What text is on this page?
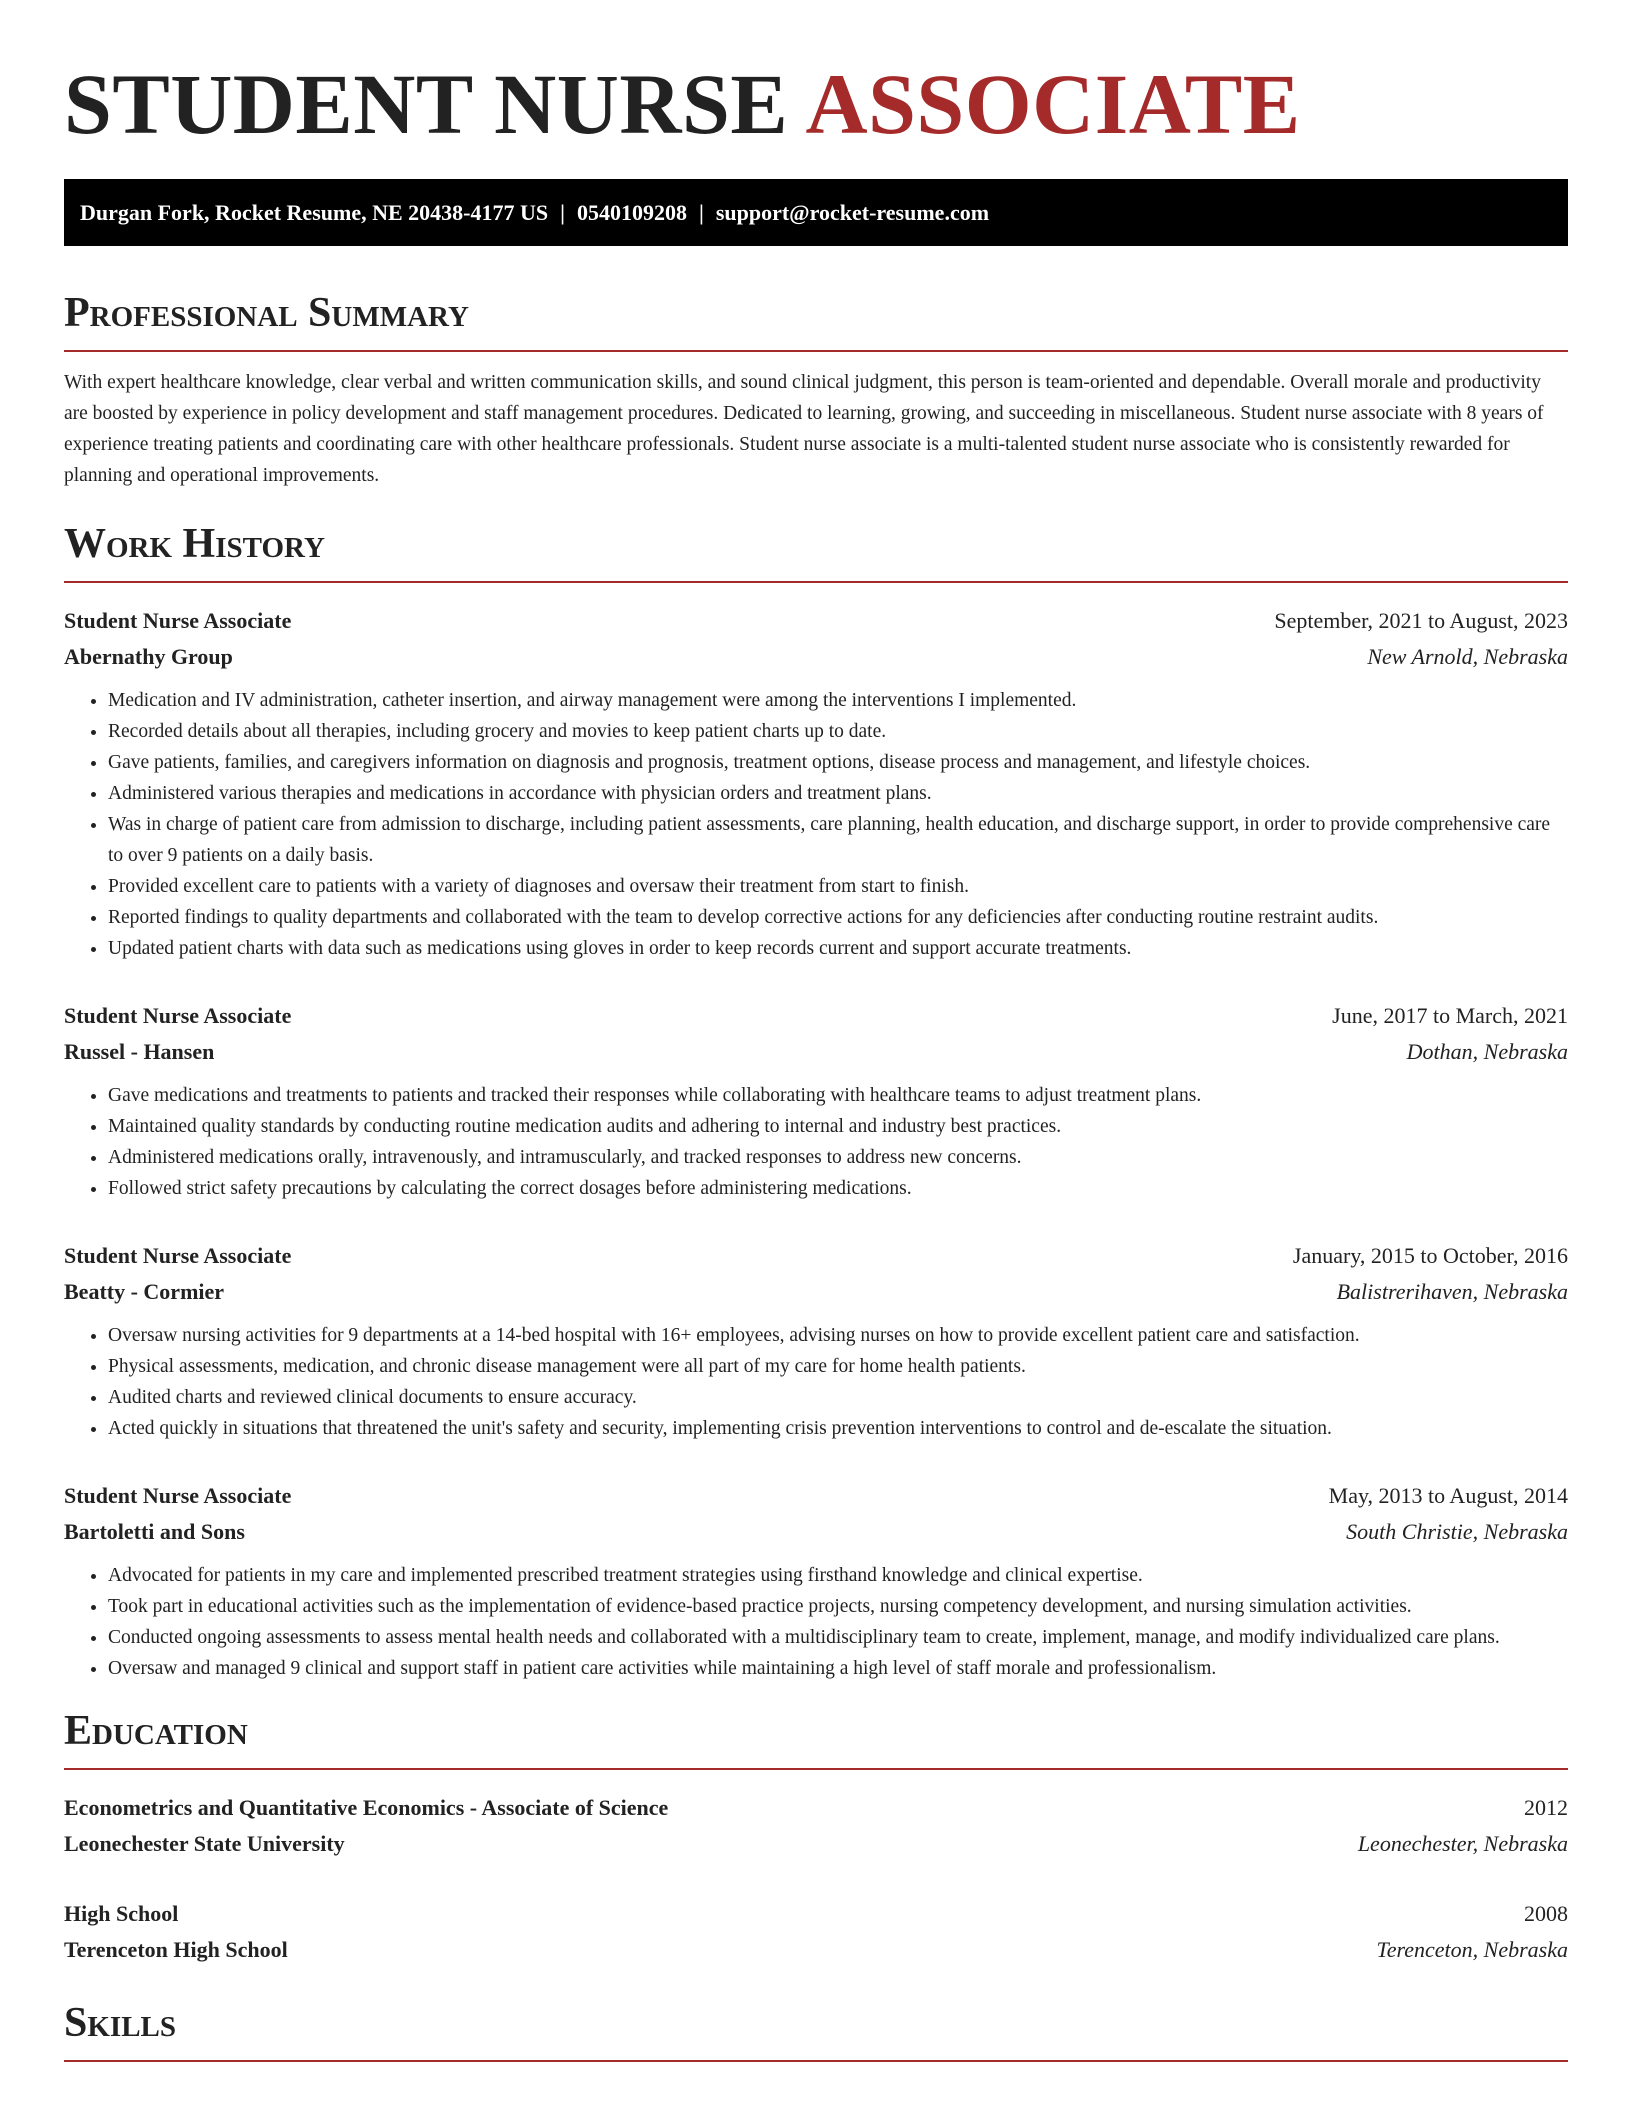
STUDENT NURSE ASSOCIATE
Durgan Fork, Rocket Resume, NE 20438-4177 US | 0540109208 | support@rocket-resume.com
Professional Summary

With expert healthcare knowledge, clear verbal and written communication skills, and sound clinical judgment, this person is team-oriented and dependable. Overall morale and productivity are boosted by experience in policy development and staff management procedures. Dedicated to learning, growing, and succeeding in miscellaneous. Student nurse associate with 8 years of experience treating patients and coordinating care with other healthcare professionals. Student nurse associate is a multi-talented student nurse associate who is consistently rewarded for planning and operational improvements.

Work History
Student Nurse Associate	September, 2021 to August, 2023
Abernathy Group	New Arnold, Nebraska
• Medication and IV administration, catheter insertion, and airway management were among the interventions I implemented.
• Recorded details about all therapies, including grocery and movies to keep patient charts up to date.
• Gave patients, families, and caregivers information on diagnosis and prognosis, treatment options, disease process and management, and lifestyle choices.
• Administered various therapies and medications in accordance with physician orders and treatment plans.
• Was in charge of patient care from admission to discharge, including patient assessments, care planning, health education, and discharge support, in order to provide comprehensive care to over 9 patients on a daily basis.
• Provided excellent care to patients with a variety of diagnoses and oversaw their treatment from start to finish.
• Reported findings to quality departments and collaborated with the team to develop corrective actions for any deficiencies after conducting routine restraint audits.
• Updated patient charts with data such as medications using gloves in order to keep records current and support accurate treatments.
Student Nurse Associate	June, 2017 to March, 2021
Russel - Hansen	Dothan, Nebraska
• Gave medications and treatments to patients and tracked their responses while collaborating with healthcare teams to adjust treatment plans.
• Maintained quality standards by conducting routine medication audits and adhering to internal and industry best practices.
• Administered medications orally, intravenously, and intramuscularly, and tracked responses to address new concerns.
• Followed strict safety precautions by calculating the correct dosages before administering medications.
Student Nurse Associate	January, 2015 to October, 2016
Beatty - Cormier	Balistrerihaven, Nebraska
• Oversaw nursing activities for 9 departments at a 14-bed hospital with 16+ employees, advising nurses on how to provide excellent patient care and satisfaction.
• Physical assessments, medication, and chronic disease management were all part of my care for home health patients.
• Audited charts and reviewed clinical documents to ensure accuracy.
• Acted quickly in situations that threatened the unit's safety and security, implementing crisis prevention interventions to control and de-escalate the situation.
Student Nurse Associate	May, 2013 to August, 2014
Bartoletti and Sons	South Christie, Nebraska
• Advocated for patients in my care and implemented prescribed treatment strategies using firsthand knowledge and clinical expertise.
• Took part in educational activities such as the implementation of evidence-based practice projects, nursing competency development, and nursing simulation activities.
• Conducted ongoing assessments to assess mental health needs and collaborated with a multidisciplinary team to create, implement, manage, and modify individualized care plans.
• Oversaw and managed 9 clinical and support staff in patient care activities while maintaining a high level of staff morale and professionalism.
Education
Econometrics and Quantitative Economics - Associate of Science	2012
Leonechester State University	Leonechester, Nebraska
High School	2008
Terenceton High School	Terenceton, Nebraska
Skills
